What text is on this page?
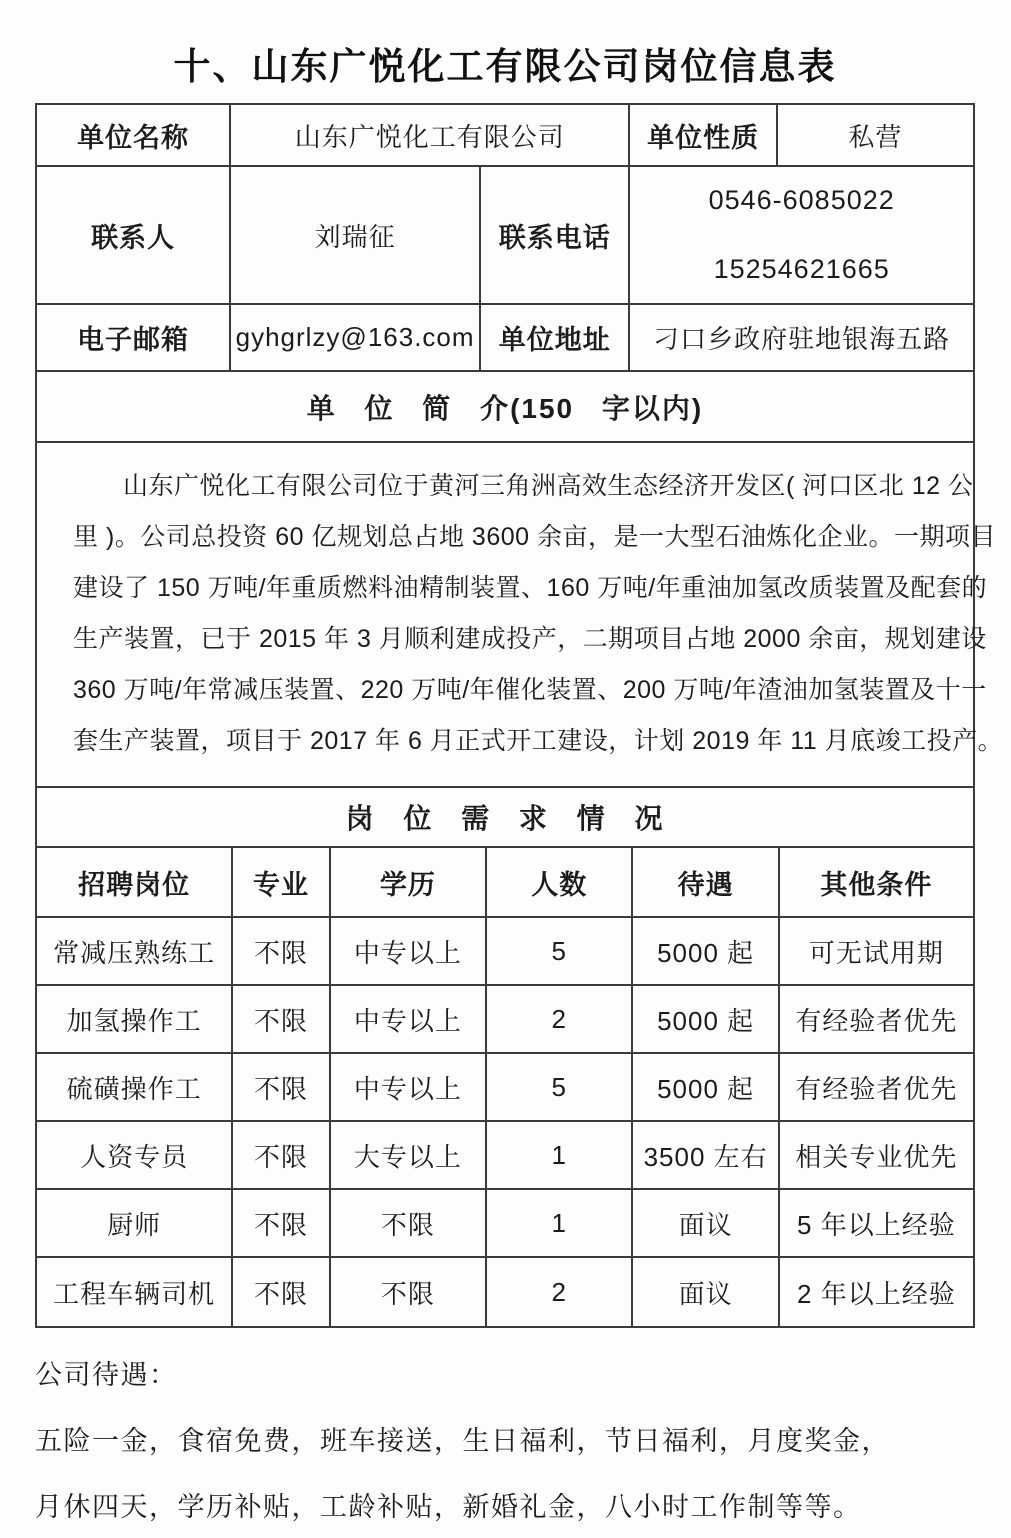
十、山东广悦化工有限公司岗位信息表
单位名称	山东广悦化工有限公司	单位性质	私营
联系人	刘瑞征	联系电话
0546-6085022
15254621665
电子邮箱	gyhgrlzy@163.com 单位地址	刁口乡政府驻地银海五路
单 位 简 介(150 字以内)
山东广悦化工有限公司位于黄河三角洲高效生态经济开发区( 河口区北 12 公
里 )。公司总投资 60 亿规划总占地 3600 余亩，是一大型石油炼化企业。一期项目
建设了 150 万吨/年重质燃料油精制装置、160 万吨/年重油加氢改质装置及配套的
生产装置，已于 2015 年 3 月顺利建成投产，二期项目占地 2000 余亩，规划建设
360 万吨/年常减压装置、220 万吨/年催化装置、200 万吨/年渣油加氢装置及十一
套生产装置，项目于 2017 年 6 月正式开工建设，计划 2019 年 11 月底竣工投产。
岗 位 需 求 情 况
招聘岗位	专业	学历	人数	待遇	其他条件
常减压熟练工	不限	中专以上	5	5000 起	可无试用期
加氢操作工	不限	中专以上	2	5000 起	有经验者优先
硫磺操作工	不限	中专以上	5	5000 起	有经验者优先
人资专员	不限	大专以上	1	3500 左右	相关专业优先
厨师	不限	不限	1	面议	5 年以上经验
工程车辆司机	不限	不限	2	面议	2 年以上经验
公司待遇：
五险一金，食宿免费，班车接送，生日福利，节日福利，月度奖金，
月休四天，学历补贴，工龄补贴，新婚礼金，八小时工作制等等。
